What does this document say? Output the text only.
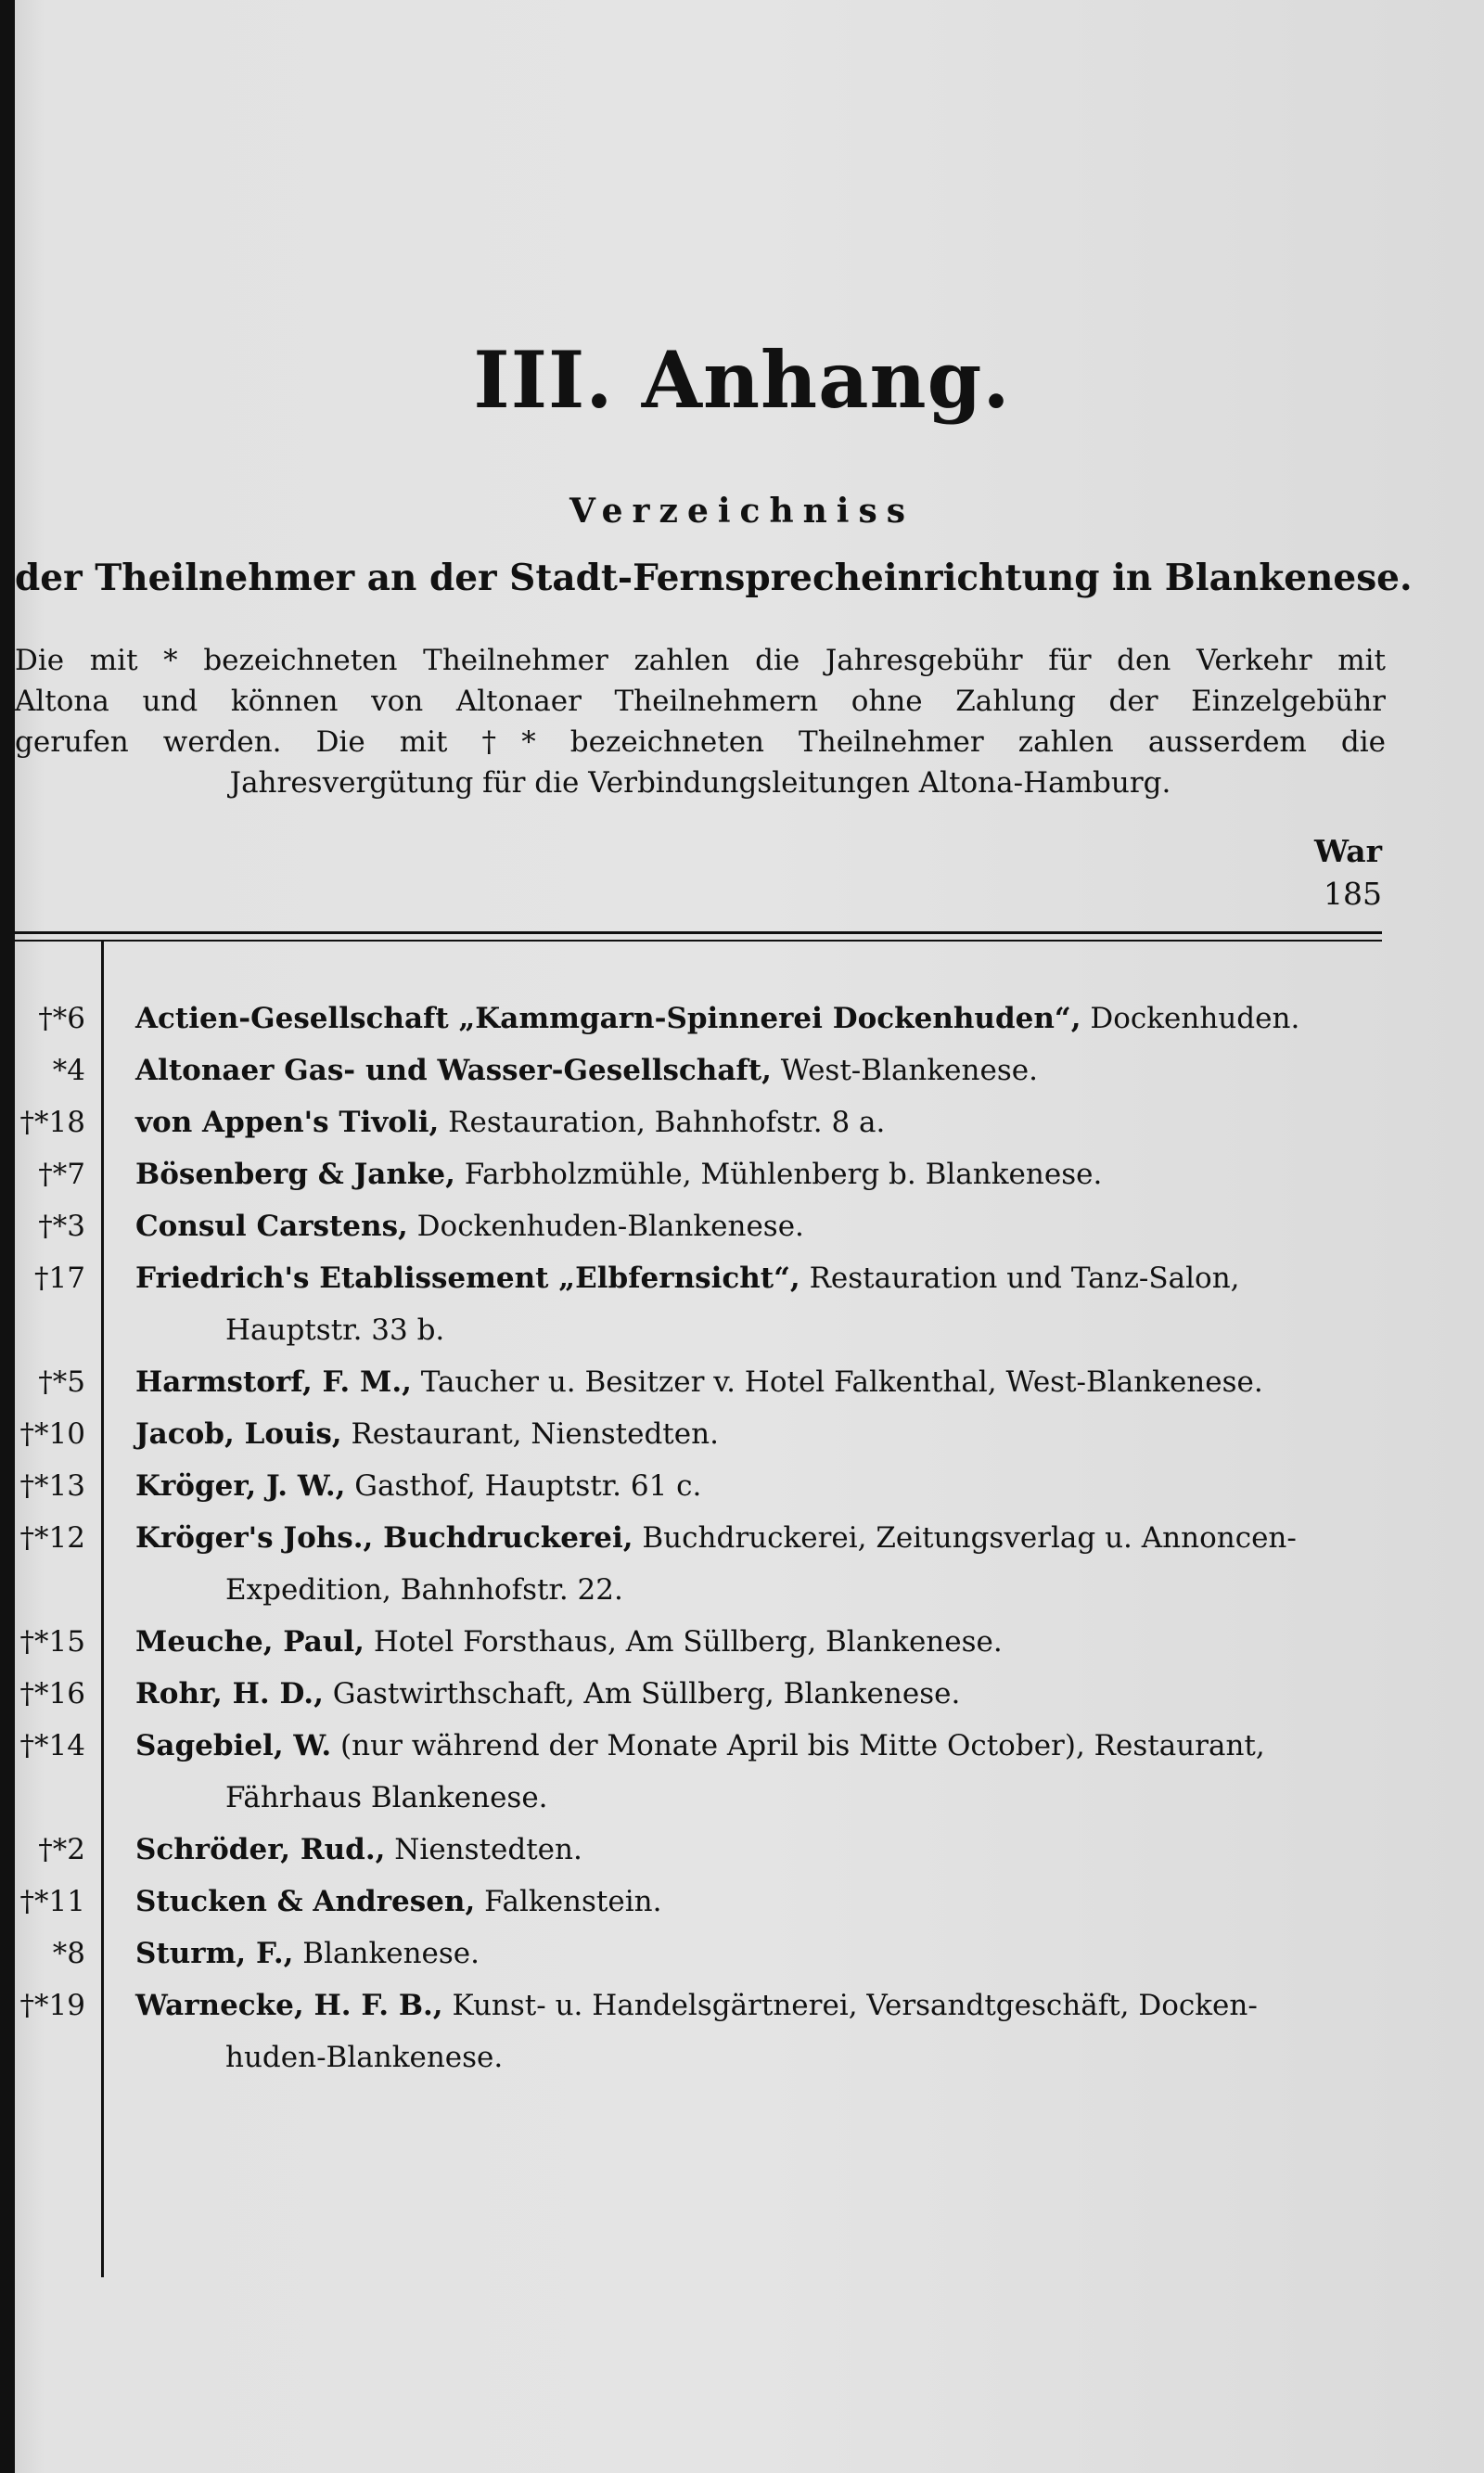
III. Anhang.
Verzeichniss
der Theilnehmer an der Stadt-Fernsprecheinrichtung in Blankenese.
Die mit * bezeichneten Theilnehmer zahlen die Jahresgebühr für den Verkehr mit
Altona und können von Altonaer Theilnehmern ohne Zahlung der Einzelgebühr
gerufen werden. Die mit †* bezeichneten Theilnehmer zahlen ausserdem die
Jahresvergütung für die Verbindungsleitungen Altona-Hamburg.
War
185
†*6 Actien-Gesellschaft „Kammgarn-Spinnerei Dockenhuden“, Dockenhuden.
*4 Altonaer Gas- und Wasser-Gesellschaft, West-Blankenese.
†*18 von Appen's Tivoli, Restauration, Bahnhofstr. 8 a.
†*7 Bösenberg & Janke, Farbholzmühle, Mühlenberg b. Blankenese.
†*3 Consul Carstens, Dockenhuden-Blankenese.
†17 Friedrich's Etablissement „Elbfernsicht“, Restauration und Tanz-Salon,
Hauptstr. 33 b.
†*5 Harmstorf, F. M., Taucher u. Besitzer v. Hotel Falkenthal, West-Blankenese.
†*10 Jacob, Louis, Restaurant, Nienstedten.
†*13 Kröger, J. W., Gasthof, Hauptstr. 61 c.
†*12 Kröger's Johs., Buchdruckerei, Buchdruckerei, Zeitungsverlag u. Annoncen-
Expedition, Bahnhofstr. 22.
†*15 Meuche, Paul, Hotel Forsthaus, Am Süllberg, Blankenese.
†*16 Rohr, H. D., Gastwirthschaft, Am Süllberg, Blankenese.
†*14 Sagebiel, W. (nur während der Monate April bis Mitte October), Restaurant,
Fährhaus Blankenese.
†*2 Schröder, Rud., Nienstedten.
†*11 Stucken & Andresen, Falkenstein.
*8 Sturm, F., Blankenese.
†*19 Warnecke, H. F. B., Kunst- u. Handelsgärtnerei, Versandtgeschäft, Docken-
huden-Blankenese.
